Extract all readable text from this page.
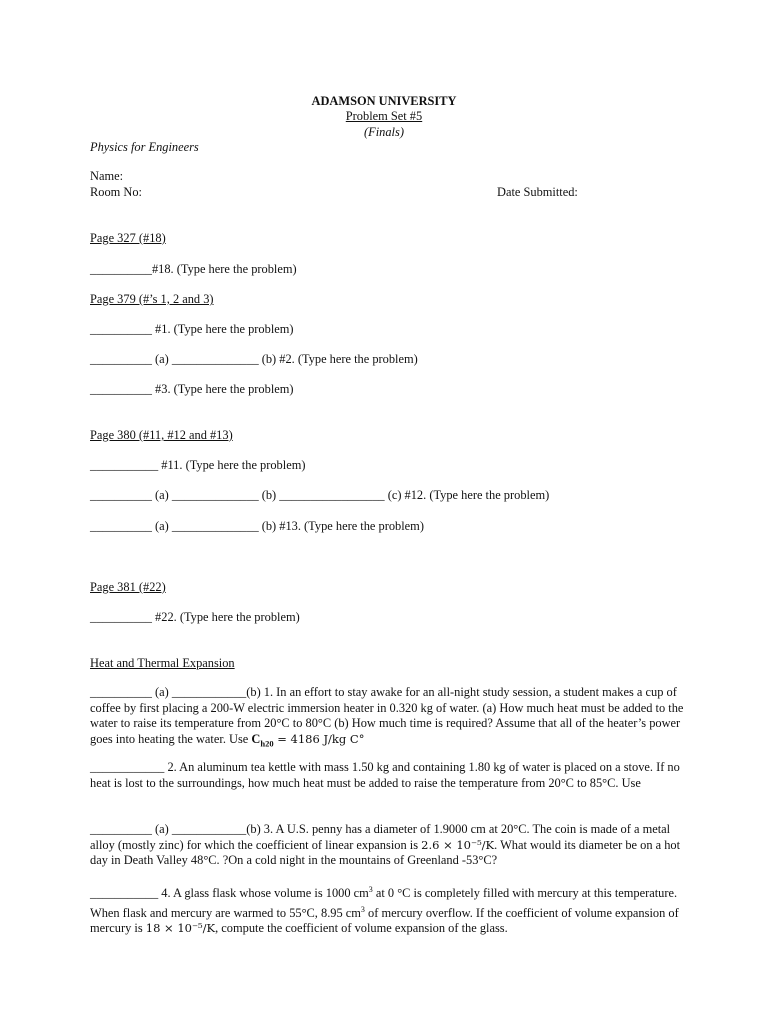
ADAMSON UNIVERSITY
Problem Set #5
(Finals)
Physics for Engineers
Name:
Room No:	Date Submitted:
Page 327 (#18)
__________#18. (Type here the problem)
Page 379 (#’s 1, 2 and 3)
__________ #1. (Type here the problem)
__________ (a) ______________ (b) #2. (Type here the problem)
__________ #3. (Type here the problem)
Page 380 (#11, #12 and #13)
___________ #11. (Type here the problem)
__________ (a) ______________ (b) _________________ (c) #12. (Type here the problem)
__________ (a) ______________ (b) #13. (Type here the problem)
Page 381 (#22)
__________ #22. (Type here the problem)
Heat and Thermal Expansion
__________ (a) ____________(b) 1. In an effort to stay awake for an all-night study session, a student makes a cup of coffee by first placing a 200-W electric immersion heater in 0.320 kg of water. (a) How much heat must be added to the water to raise its temperature from 20°C to 80°C (b) How much time is required? Assume that all of the heater’s power goes into heating the water. Use $C_{h20} = 4186$ J/kg C°
____________ 2. An aluminum tea kettle with mass 1.50 kg and containing 1.80 kg of water is placed on a stove. If no heat is lost to the surroundings, how much heat must be added to raise the temperature from 20°C to 85°C. Use
__________ (a) ____________(b) 3. A U.S. penny has a diameter of 1.9000 cm at 20°C. The coin is made of a metal alloy (mostly zinc) for which the coefficient of linear expansion is 2.6 × 10⁻⁵/K. What would its diameter be on a hot day in Death Valley 48°C. ?On a cold night in the mountains of Greenland -53°C?
___________ 4. A glass flask whose volume is 1000 $cm^3$ at 0 °C is completely filled with mercury at this temperature. When flask and mercury are warmed to 55°C, 8.95 $cm^3$ of mercury overflow. If the coefficient of volume expansion of mercury is 18 × 10⁻⁵/K, compute the coefficient of volume expansion of the glass.
